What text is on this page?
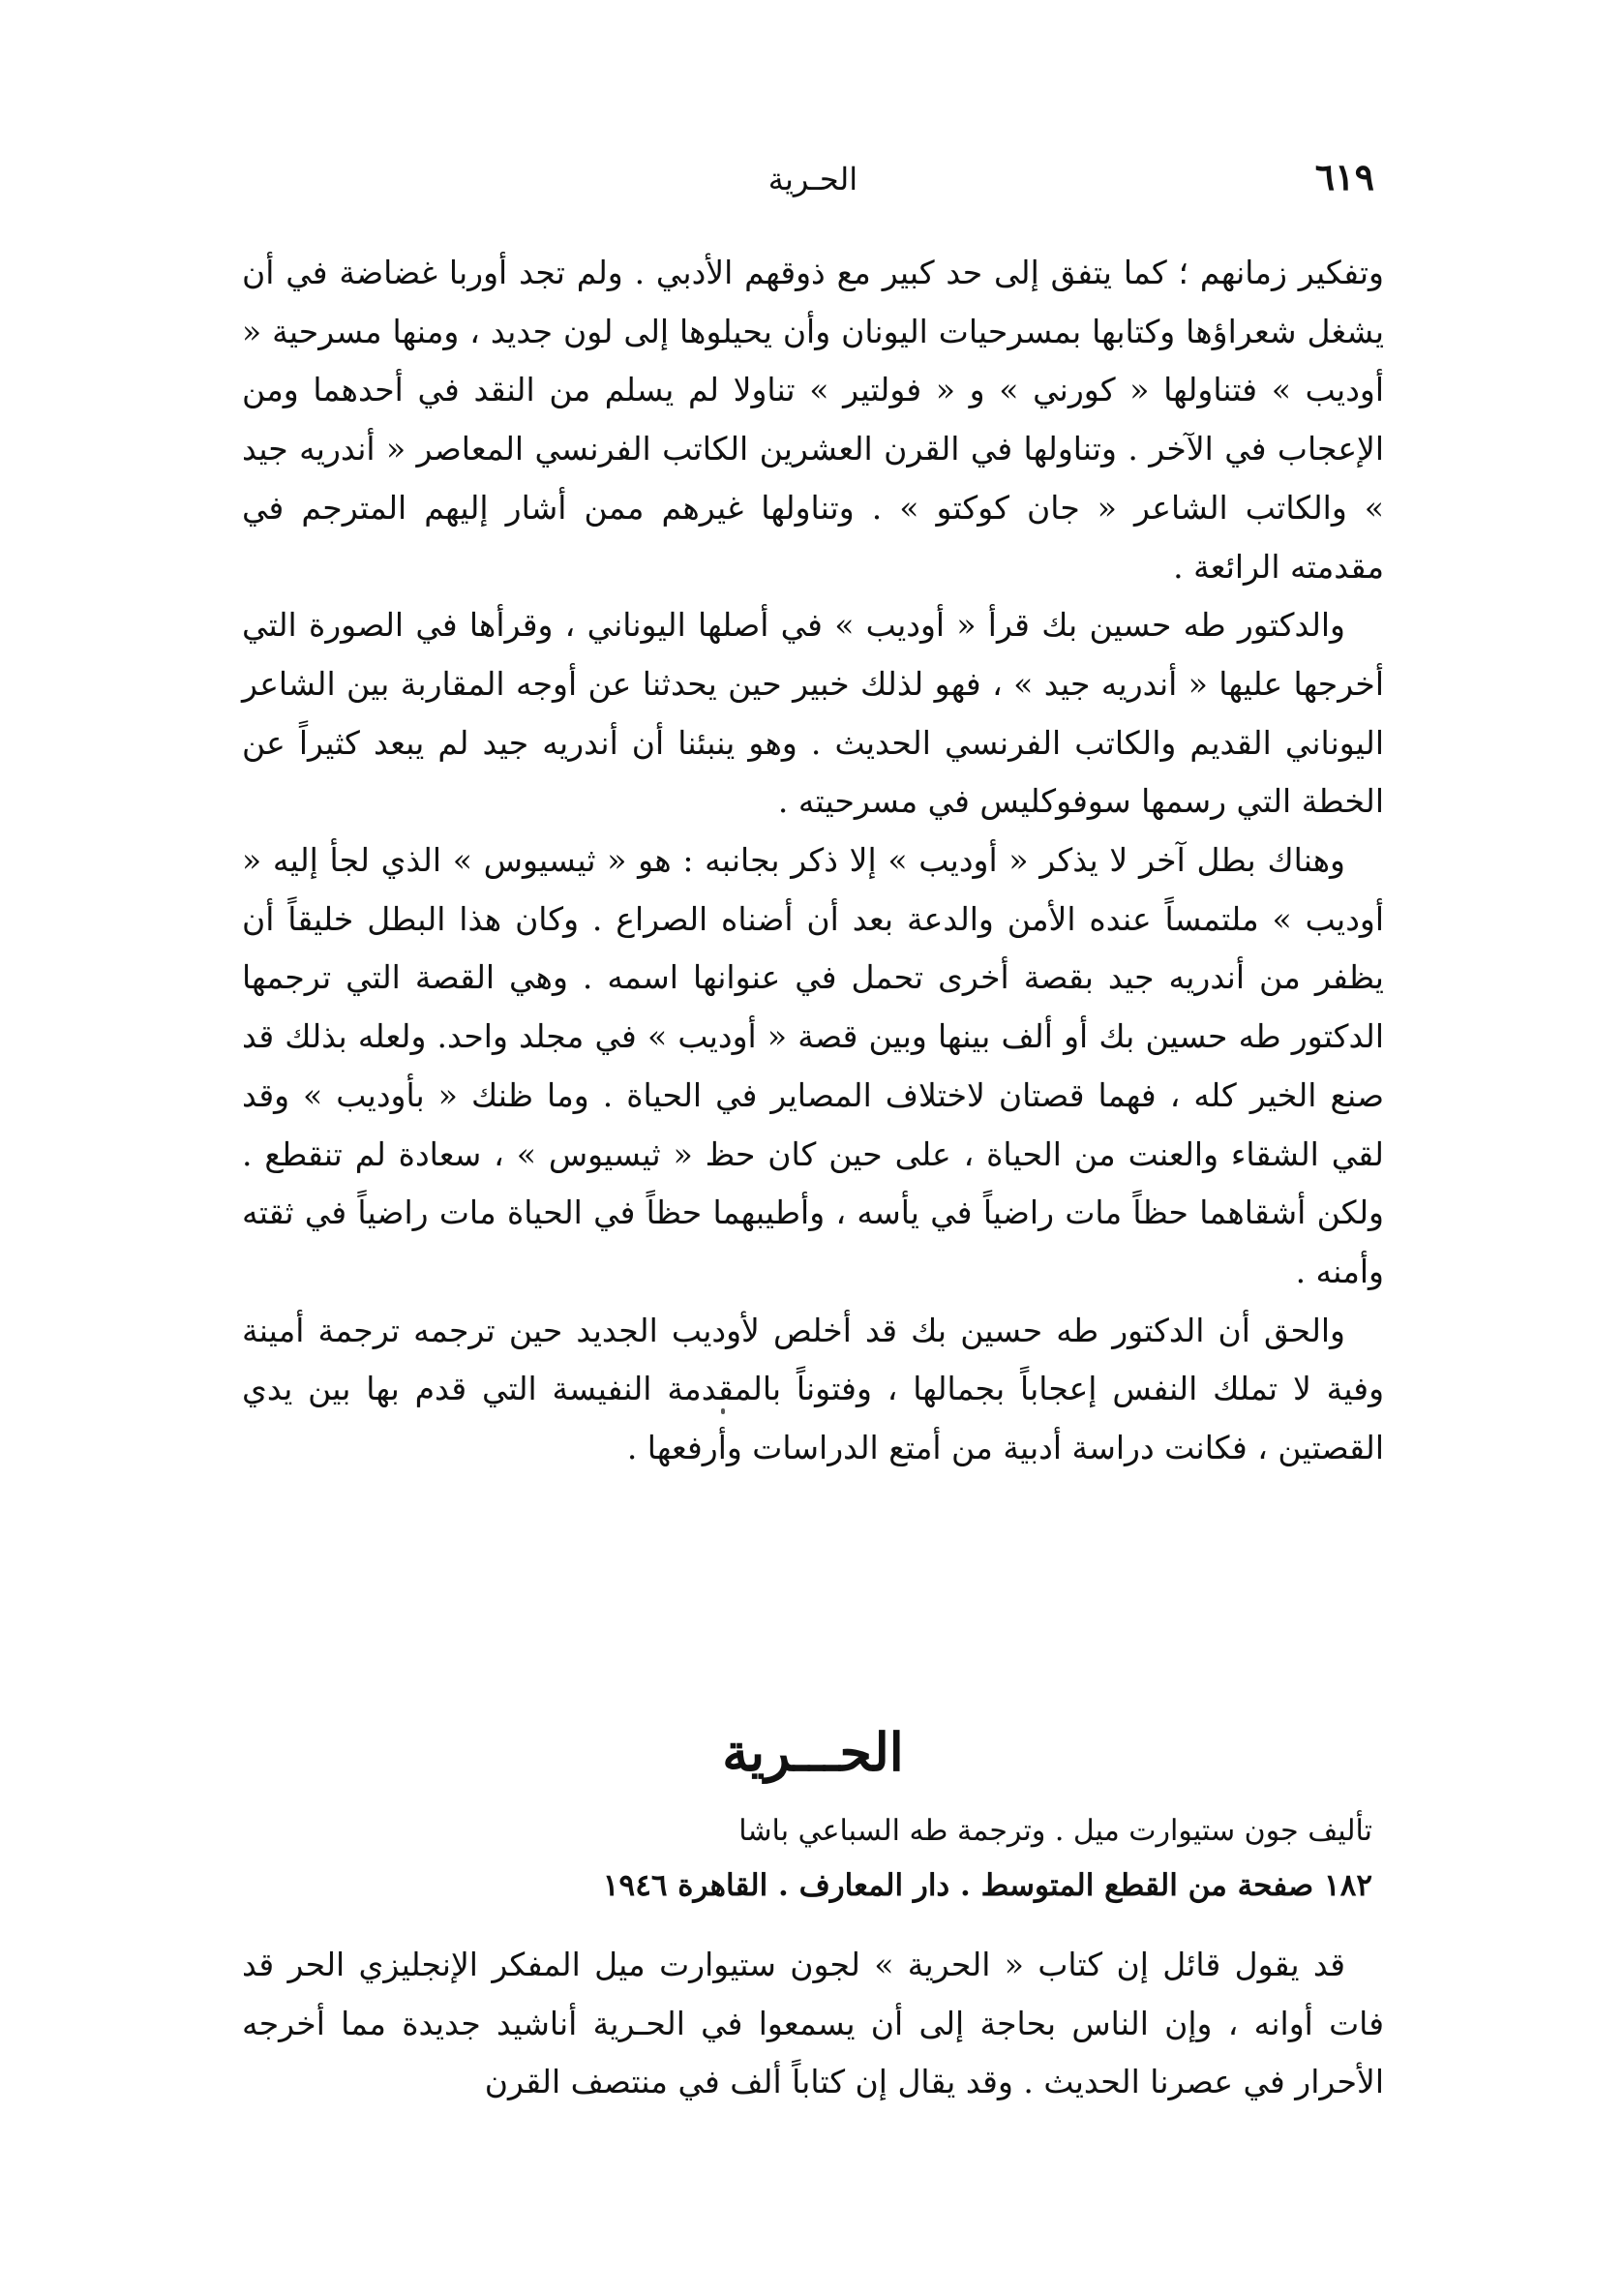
٦١٩
الحـرية

وتفكير زمانهم ؛ كما يتفق إلى حد كبير مع ذوقهم الأدبي . ولم تجد أوربا غضاضة في أن يشغل شعراؤها وكتابها بمسرحيات اليونان وأن يحيلوها إلى لون جديد ، ومنها مسرحية « أوديب » فتناولها « كورني » و « فولتير » تناولا لم يسلم من النقد في أحدهما ومن الإعجاب في الآخر . وتناولها في القرن العشرين الكاتب الفرنسي المعاصر « أندريه جيد » والكاتب الشاعر « جان كوكتو » . وتناولها غيرهم ممن أشار إليهم المترجم في مقدمته الرائعة .

والدكتور طه حسين بك قرأ « أوديب » في أصلها اليوناني ، وقرأها في الصورة التي أخرجها عليها « أندريه جيد » ، فهو لذلك خبير حين يحدثنا عن أوجه المقاربة بين الشاعر اليوناني القديم والكاتب الفرنسي الحديث . وهو ينبئنا أن أندريه جيد لم يبعد كثيراً عن الخطة التي رسمها سوفوكليس في مسرحيته .

وهناك بطل آخر لا يذكر « أوديب » إلا ذكر بجانبه : هو « ثيسيوس » الذي لجأ إليه « أوديب » ملتمساً عنده الأمن والدعة بعد أن أضناه الصراع . وكان هذا البطل خليقاً أن يظفر من أندريه جيد بقصة أخرى تحمل في عنوانها اسمه . وهي القصة التي ترجمها الدكتور طه حسين بك أو ألف بينها وبين قصة « أوديب » في مجلد واحد. ولعله بذلك قد صنع الخير كله ، فهما قصتان لاختلاف المصاير في الحياة . وما ظنك « بأوديب » وقد لقي الشقاء والعنت من الحياة ، على حين كان حظ « ثيسيوس » ، سعادة لم تنقطع . ولكن أشقاهما حظاً مات راضياً في يأسه ، وأطيبهما حظاً في الحياة مات راضياً في ثقته وأمنه .

والحق أن الدكتور طه حسين بك قد أخلص لأوديب الجديد حين ترجمه ترجمة أمينة وفية لا تملك النفس إعجاباً بجمالها ، وفتوناً بالمقدمة النفيسة التي قدم بها بين يدي القصتين ، فكانت دراسة أدبية من أمتع الدراسات وأرفعها .

الحـــرية

تأليف جون ستيوارت ميل . وترجمة طه السباعي باشا

١٨٢ صفحة من القطع المتوسط . دار المعارف . القاهرة ١٩٤٦

قد يقول قائل إن كتاب « الحرية » لجون ستيوارت ميل المفكر الإنجليزي الحر قد فات أوانه ، وإن الناس بحاجة إلى أن يسمعوا في الحـرية أناشيد جديدة مما أخرجه الأحرار في عصرنا الحديث . وقد يقال إن كتاباً ألف في منتصف القرن
